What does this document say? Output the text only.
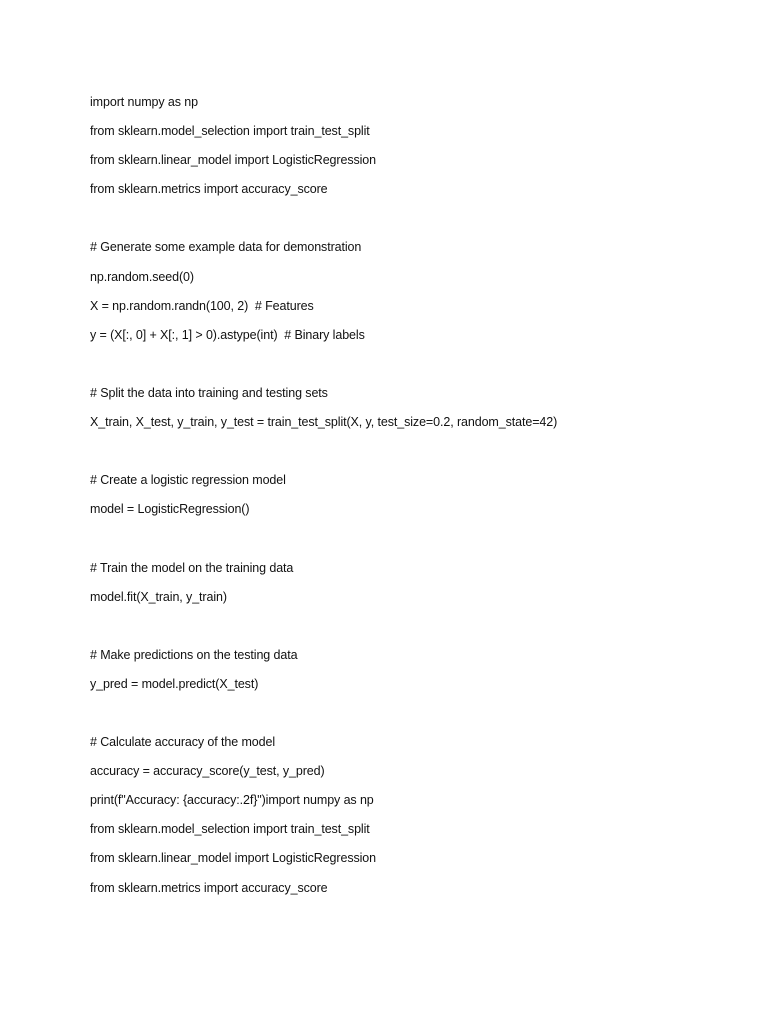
import numpy as np
from sklearn.model_selection import train_test_split
from sklearn.linear_model import LogisticRegression
from sklearn.metrics import accuracy_score
# Generate some example data for demonstration
np.random.seed(0)
X = np.random.randn(100, 2)  # Features
y = (X[:, 0] + X[:, 1] > 0).astype(int)  # Binary labels
# Split the data into training and testing sets
X_train, X_test, y_train, y_test = train_test_split(X, y, test_size=0.2, random_state=42)
# Create a logistic regression model
model = LogisticRegression()
# Train the model on the training data
model.fit(X_train, y_train)
# Make predictions on the testing data
y_pred = model.predict(X_test)
# Calculate accuracy of the model
accuracy = accuracy_score(y_test, y_pred)
print(f"Accuracy: {accuracy:.2f}")import numpy as np
from sklearn.model_selection import train_test_split
from sklearn.linear_model import LogisticRegression
from sklearn.metrics import accuracy_score
